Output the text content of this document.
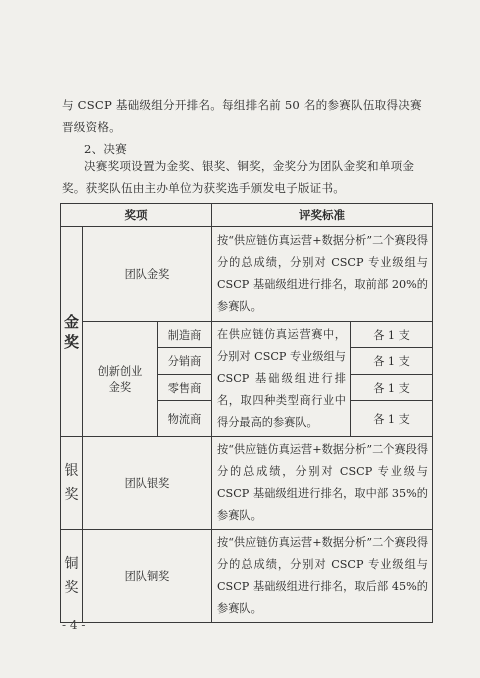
与 CSCP 基础级组分开排名。每组排名前 50 名的参赛队伍取得决赛晋级资格。

2、决赛

决赛奖项设置为金奖、银奖、铜奖，金奖分为团队金奖和单项金奖。获奖队伍由主办单位为获奖选手颁发电子版证书。

奖项			评奖标准	
金奖	团队金奖		按“供应链仿真运营+数据分析”二个赛段得分的总成绩，分别对 CSCP 专业级组与 CSCP 基础级组进行排名，取前部 20%的参赛队。	
	创新创业金奖	制造商	在供应链仿真运营赛中，分别对 CSCP 专业级组与 CSCP 基础级组进行排名，取四种类型商行业中得分最高的参赛队。	各 1 支
		分销商		各 1 支
		零售商		各 1 支
		物流商		各 1 支
银奖	团队银奖		按“供应链仿真运营+数据分析”二个赛段得分的总成绩，分别对 CSCP 专业级与 CSCP 基础级组进行排名，取中部 35%的参赛队。	
铜奖	团队铜奖		按“供应链仿真运营+数据分析”二个赛段得分的总成绩，分别对 CSCP 专业级组与 CSCP 基础级组进行排名，取后部 45%的参赛队。	
- 4 -
